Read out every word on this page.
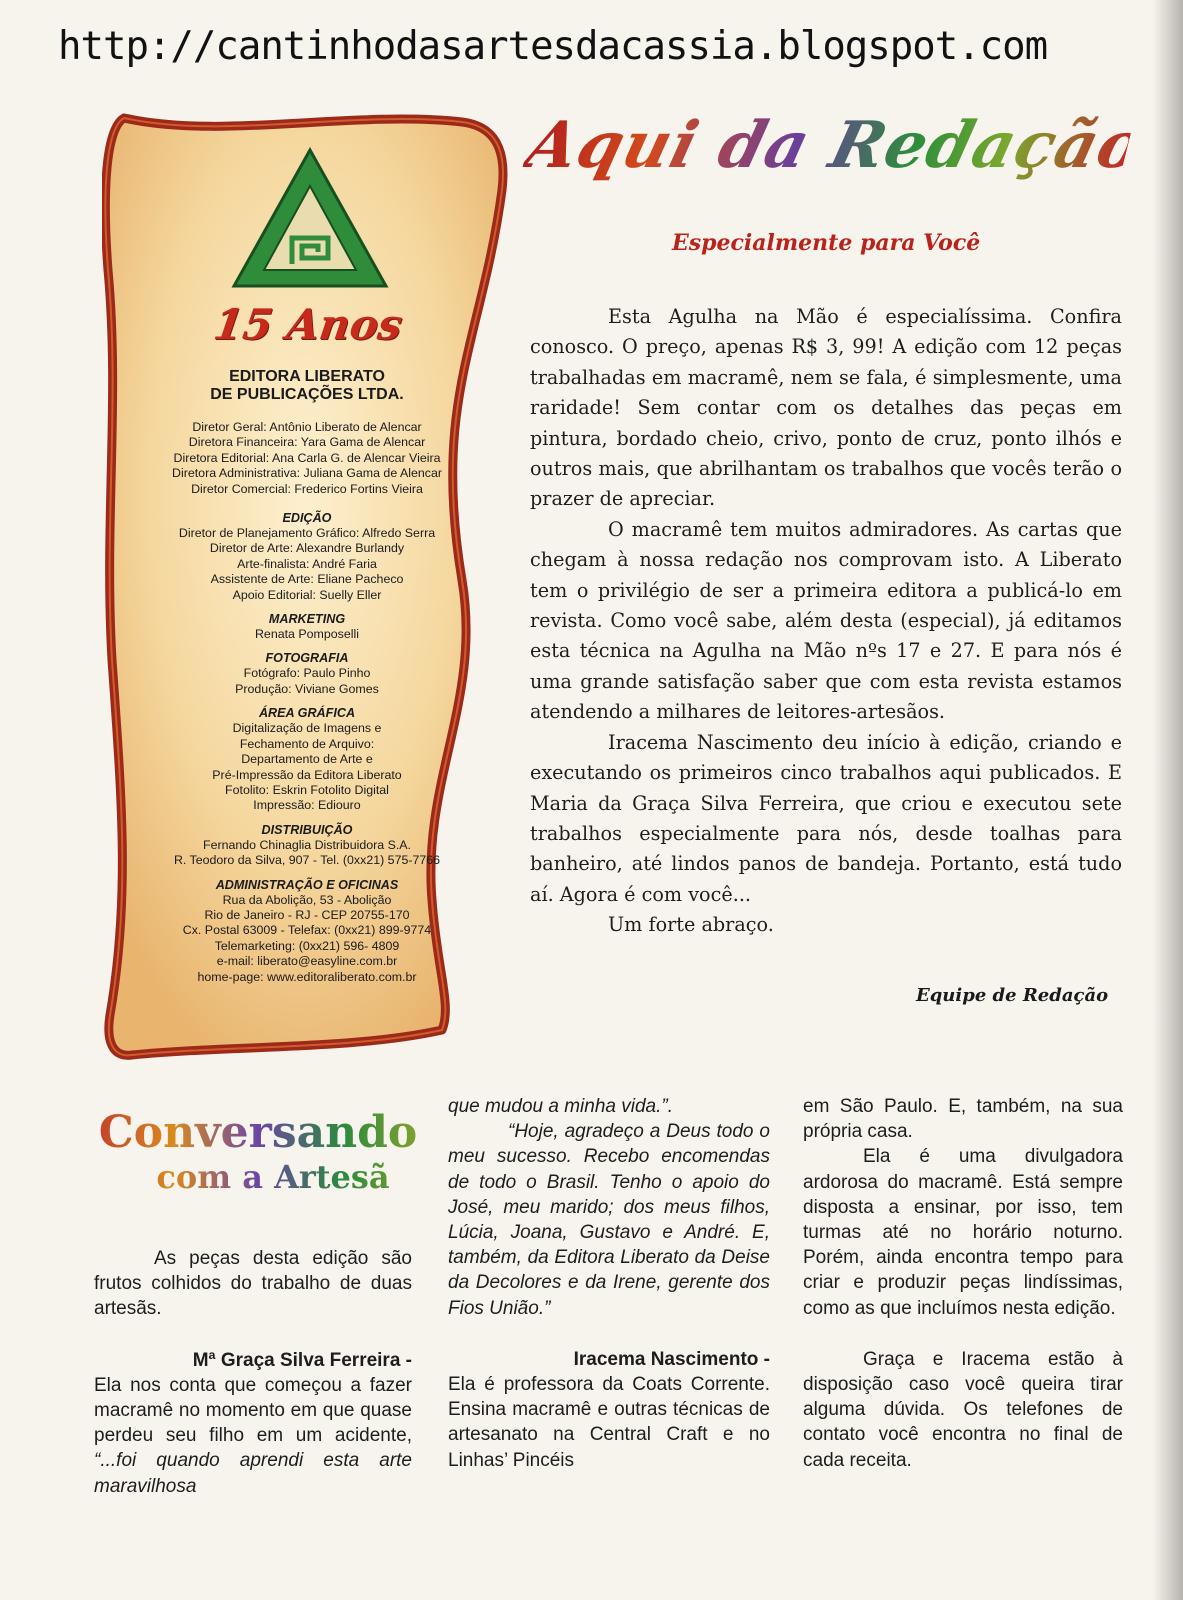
http://cantinhodasartesdacassia.blogspot.com
15 Anos
EDITORA LIBERATO
DE PUBLICAÇÕES LTDA.
Diretor Geral: Antônio Liberato de Alencar
Diretora Financeira: Yara Gama de Alencar
Diretora Editorial: Ana Carla G. de Alencar Vieira
Diretora Administrativa: Juliana Gama de Alencar
Diretor Comercial: Frederico Fortins Vieira
EDIÇÃO
Diretor de Planejamento Gráfico: Alfredo Serra
Diretor de Arte: Alexandre Burlandy
Arte-finalista: André Faria
Assistente de Arte: Eliane Pacheco
Apoio Editorial: Suelly Eller
MARKETING
Renata Pomposelli
FOTOGRAFIA
Fotógrafo: Paulo Pinho
Produção: Viviane Gomes
ÁREA GRÁFICA
Digitalização de Imagens e
Fechamento de Arquivo:
Departamento de Arte e
Pré-Impressão da Editora Liberato
Fotolito: Eskrin Fotolito Digital
Impressão: Ediouro
DISTRIBUIÇÃO
Fernando Chinaglia Distribuidora S.A.
R. Teodoro da Silva, 907 - Tel. (0xx21) 575-7766
ADMINISTRAÇÃO E OFICINAS
Rua da Abolição, 53 - Abolição
Rio de Janeiro - RJ - CEP 20755-170
Cx. Postal 63009 - Telefax: (0xx21) 899-9774
Telemarketing: (0xx21) 596- 4809
e-mail: liberato@easyline.com.br
home-page: www.editoraliberato.com.br
Aqui da Redação
Especialmente para Você

Esta Agulha na Mão é especialíssima. Confira conosco. O preço, apenas R$ 3, 99! A edição com 12 peças trabalhadas em macramê, nem se fala, é simplesmente, uma raridade! Sem contar com os detalhes das peças em pintura, bordado cheio, crivo, ponto de cruz, ponto ilhós e outros mais, que abrilhantam os trabalhos que vocês terão o prazer de apreciar.

O macramê tem muitos admiradores. As cartas que chegam à nossa redação nos comprovam isto. A Liberato tem o privilégio de ser a primeira editora a publicá-lo em revista. Como você sabe, além desta (especial), já editamos esta técnica na Agulha na Mão nºs 17 e 27. E para nós é uma grande satisfação saber que com esta revista estamos atendendo a milhares de leitores-artesãos.

Iracema Nascimento deu início à edição, criando e executando os primeiros cinco trabalhos aqui publicados. E Maria da Graça Silva Ferreira, que criou e executou sete trabalhos especialmente para nós, desde toalhas para banheiro, até lindos panos de bandeja. Portanto, está tudo aí. Agora é com você...

Um forte abraço.

Equipe de Redação
Conversando
com a Artesã

As peças desta edição são frutos colhidos do trabalho de duas artesãs.

Mª Graça Silva Ferreira -

Ela nos conta que começou a fazer macramê no momento em que quase perdeu seu filho em um acidente, “...foi quando aprendi esta arte maravilhosa

que mudou a minha vida.”.

“Hoje, agradeço a Deus todo o meu sucesso. Recebo encomendas de todo o Brasil. Tenho o apoio do José, meu marido; dos meus filhos, Lúcia, Joana, Gustavo e André. E, também, da Editora Liberato da Deise da Decolores e da Irene, gerente dos Fios União.”

Iracema Nascimento -

Ela é professora da Coats Corrente. Ensina macramê e outras técnicas de artesanato na Central Craft e no Linhas’ Pincéis

em São Paulo. E, também, na sua própria casa.

Ela é uma divulgadora ardorosa do macramê. Está sempre disposta a ensinar, por isso, tem turmas até no horário noturno. Porém, ainda encontra tempo para criar e produzir peças lindíssimas, como as que incluímos nesta edição.

Graça e Iracema estão à disposição caso você queira tirar alguma dúvida. Os telefones de contato você encontra no final de cada receita.
